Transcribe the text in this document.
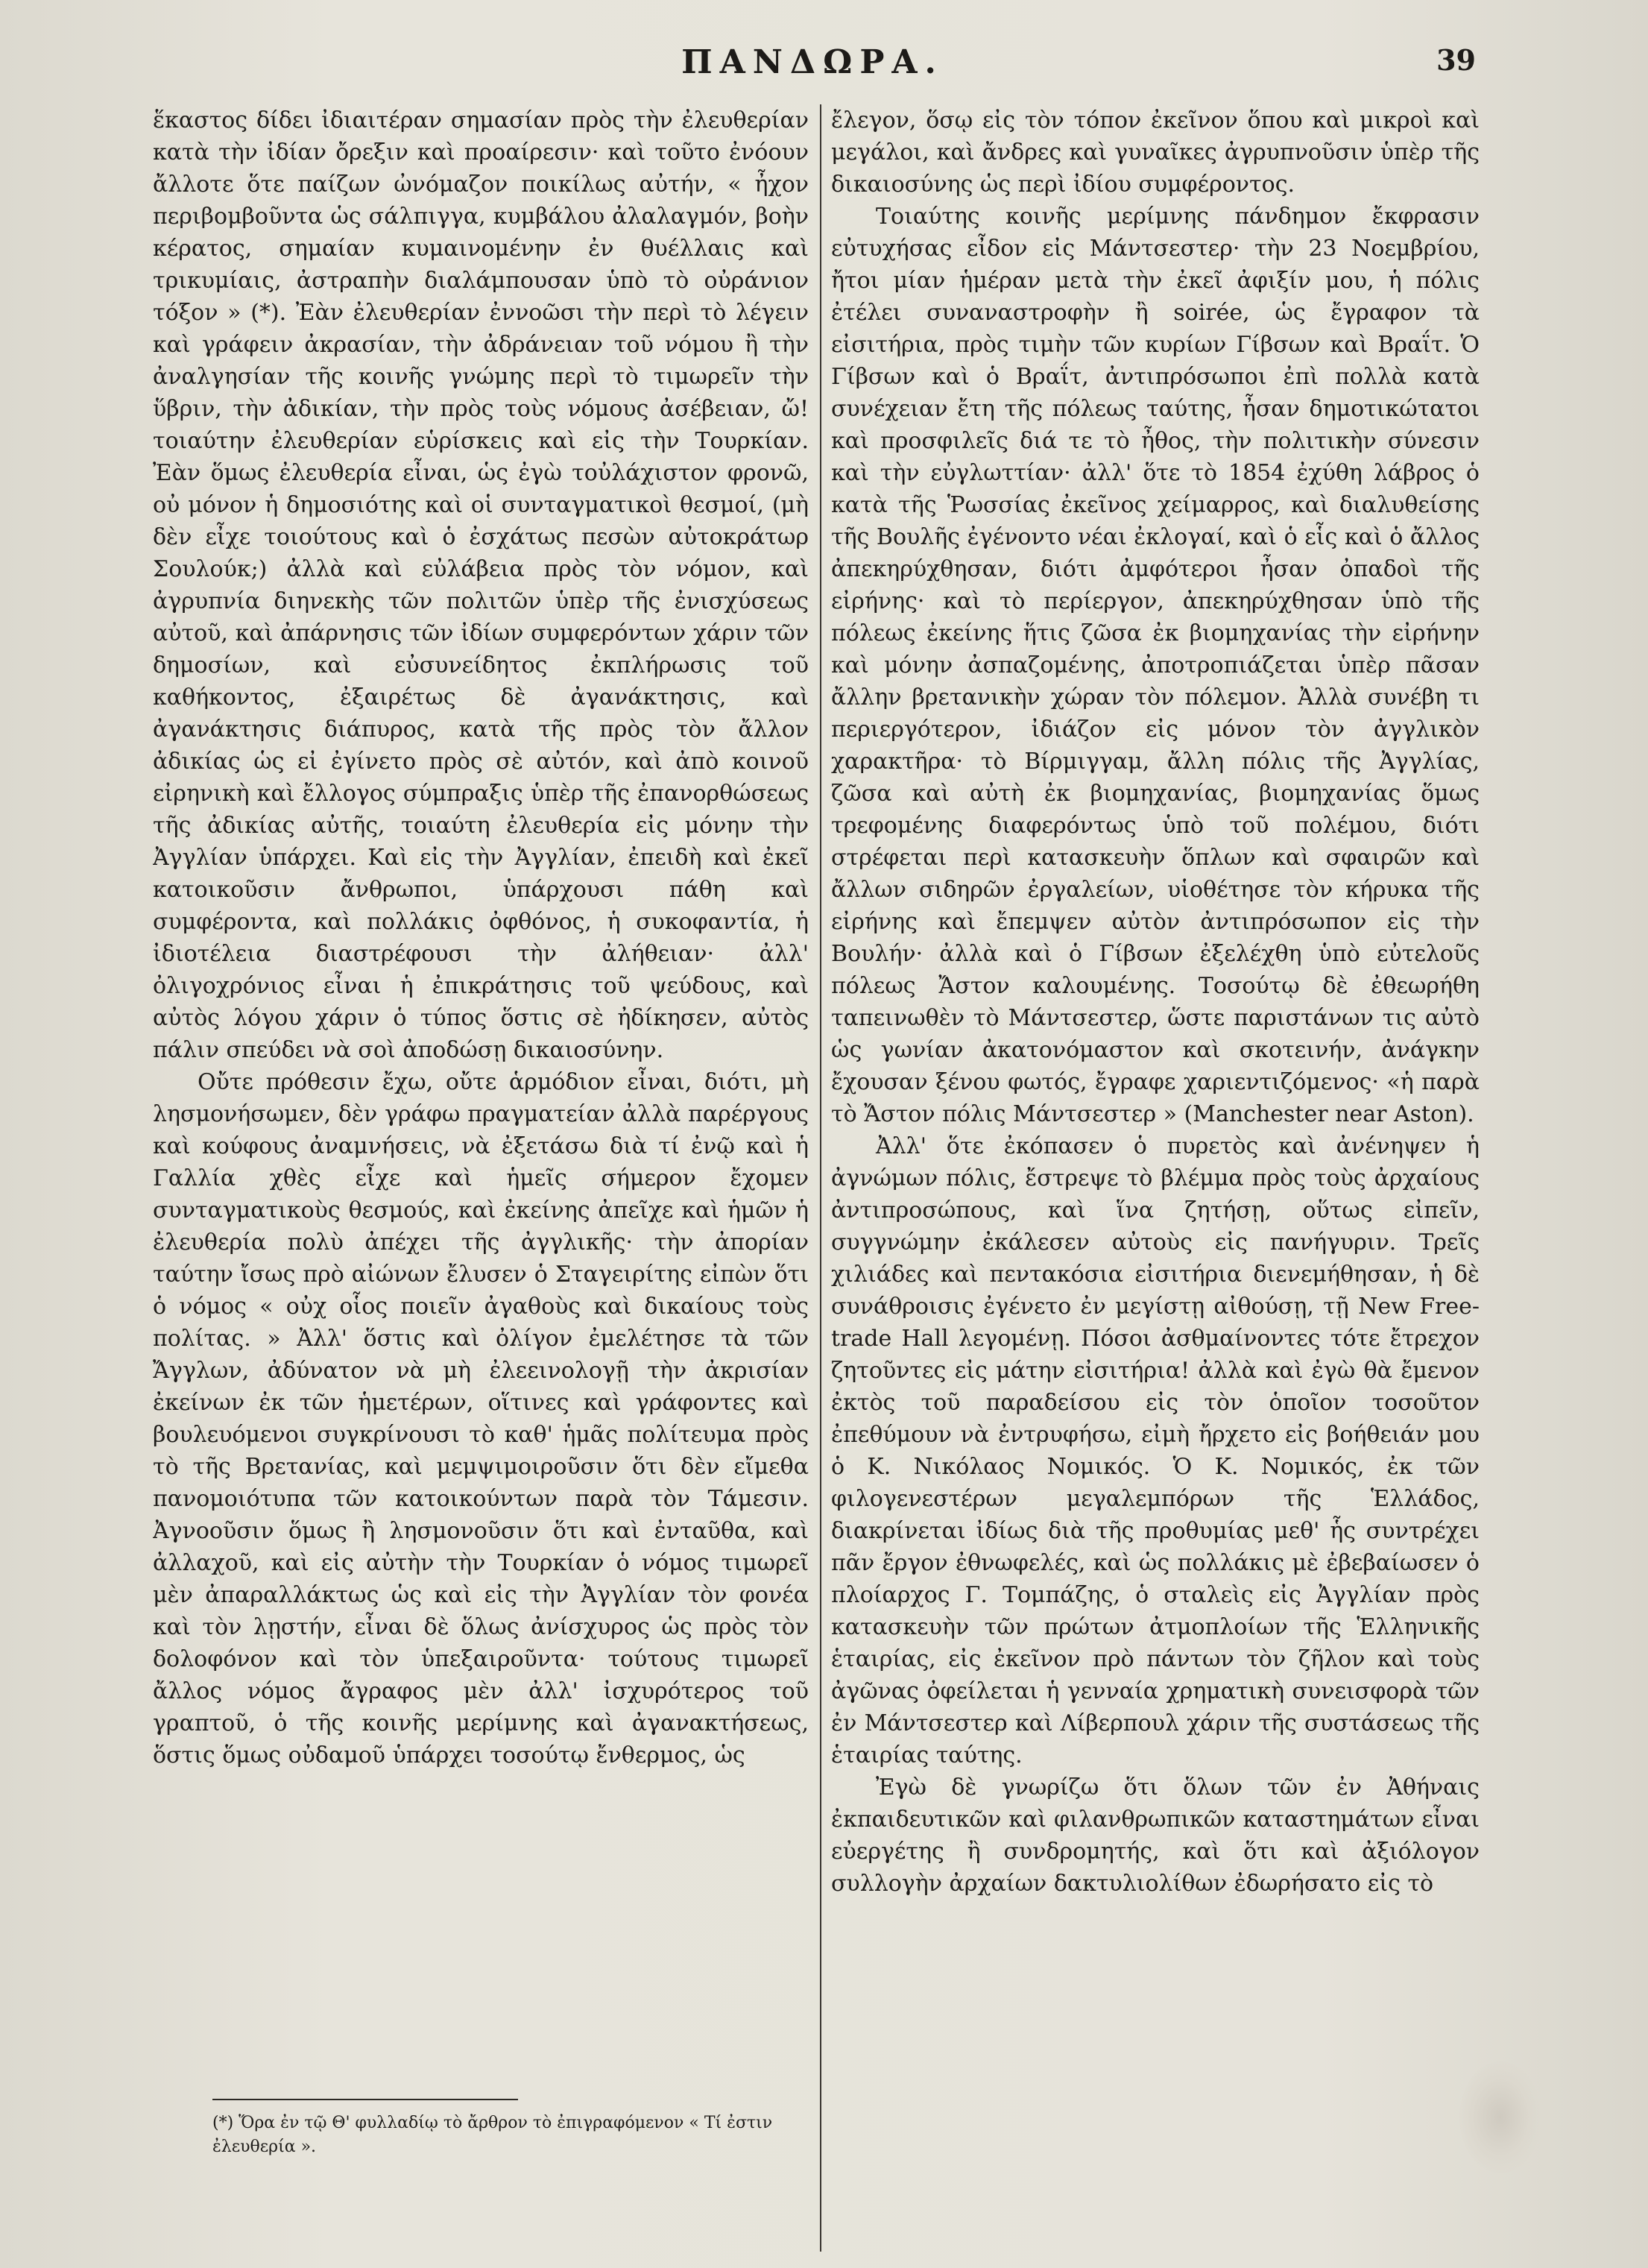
ΠΑΝΔΩΡΑ.	39

ἕκαστος δίδει ἰδιαιτέραν σημασίαν πρὸς τὴν ἐλευθερίαν κατὰ τὴν ἰδίαν ὄρεξιν καὶ προαίρεσιν· καὶ τοῦτο ἐνόουν ἄλλοτε ὅτε παίζων ὠνόμαζον ποικίλως αὐτήν, « ἦχον περιβομβοῦντα ὡς σάλπιγγα, κυμβάλου ἀλαλαγμόν, βοὴν κέρατος, σημαίαν κυμαινομένην ἐν θυέλλαις καὶ τρικυμίαις, ἀστραπὴν διαλάμπουσαν ὑπὸ τὸ οὐράνιον τόξον » (*). Ἐὰν ἐλευθερίαν ἐννοῶσι τὴν περὶ τὸ λέγειν καὶ γράφειν ἀκρασίαν, τὴν ἀδράνειαν τοῦ νόμου ἢ τὴν ἀναλγησίαν τῆς κοινῆς γνώμης περὶ τὸ τιμωρεῖν τὴν ὕβριν, τὴν ἀδικίαν, τὴν πρὸς τοὺς νόμους ἀσέβειαν, ὤ! τοιαύτην ἐλευθερίαν εὑρίσκεις καὶ εἰς τὴν Τουρκίαν. Ἐὰν ὅμως ἐλευθερία εἶναι, ὡς ἐγὼ τοὐλάχιστον φρονῶ, οὐ μόνον ἡ δημοσιότης καὶ οἱ συνταγματικοὶ θεσμοί, (μὴ δὲν εἶχε τοιούτους καὶ ὁ ἐσχάτως πεσὼν αὐτοκράτωρ Σουλούκ;) ἀλλὰ καὶ εὐλάβεια πρὸς τὸν νόμον, καὶ ἀγρυπνία διηνεκὴς τῶν πολιτῶν ὑπὲρ τῆς ἐνισχύσεως αὐτοῦ, καὶ ἀπάρνησις τῶν ἰδίων συμφερόντων χάριν τῶν δημοσίων, καὶ εὐσυνείδητος ἐκπλήρωσις τοῦ καθήκοντος, ἐξαιρέτως δὲ ἀγανάκτησις, καὶ ἀγανάκτησις διάπυρος, κατὰ τῆς πρὸς τὸν ἄλλον ἀδικίας ὡς εἰ ἐγίνετο πρὸς σὲ αὐτόν, καὶ ἀπὸ κοινοῦ εἰρηνικὴ καὶ ἔλλογος σύμπραξις ὑπὲρ τῆς ἐπανορθώσεως τῆς ἀδικίας αὐτῆς, τοιαύτη ἐλευθερία εἰς μόνην τὴν Ἀγγλίαν ὑπάρχει. Καὶ εἰς τὴν Ἀγγλίαν, ἐπειδὴ καὶ ἐκεῖ κατοικοῦσιν ἄνθρωποι, ὑπάρχουσι πάθη καὶ συμφέροντα, καὶ πολλάκις ὀφθόνος, ἡ συκοφαντία, ἡ ἰδιοτέλεια διαστρέφουσι τὴν ἀλήθειαν· ἀλλ' ὀλιγοχρόνιος εἶναι ἡ ἐπικράτησις τοῦ ψεύδους, καὶ αὐτὸς λόγου χάριν ὁ τύπος ὅστις σὲ ἠδίκησεν, αὐτὸς πάλιν σπεύδει νὰ σοὶ ἀποδώσῃ δικαιοσύνην.

Οὔτε πρόθεσιν ἔχω, οὔτε ἁρμόδιον εἶναι, διότι, μὴ λησμονήσωμεν, δὲν γράφω πραγματείαν ἀλλὰ παρέργους καὶ κούφους ἀναμνήσεις, νὰ ἐξετάσω διὰ τί ἐνῷ καὶ ἡ Γαλλία χθὲς εἶχε καὶ ἡμεῖς σήμερον ἔχομεν συνταγματικοὺς θεσμούς, καὶ ἐκείνης ἀπεῖχε καὶ ἡμῶν ἡ ἐλευθερία πολὺ ἀπέχει τῆς ἀγγλικῆς· τὴν ἀπορίαν ταύτην ἴσως πρὸ αἰώνων ἔλυσεν ὁ Σταγειρίτης εἰπὼν ὅτι ὁ νόμος « οὐχ οἷος ποιεῖν ἀγαθοὺς καὶ δικαίους τοὺς πολίτας. » Ἀλλ' ὅστις καὶ ὀλίγον ἐμελέτησε τὰ τῶν Ἄγγλων, ἀδύνατον νὰ μὴ ἐλεεινολογῇ τὴν ἀκρισίαν ἐκείνων ἐκ τῶν ἡμετέρων, οἵτινες καὶ γράφοντες καὶ βουλευόμενοι συγκρίνουσι τὸ καθ' ἡμᾶς πολίτευμα πρὸς τὸ τῆς Βρετανίας, καὶ μεμψιμοιροῦσιν ὅτι δὲν εἴμεθα πανομοιότυπα τῶν κατοικούντων παρὰ τὸν Τάμεσιν. Ἀγνοοῦσιν ὅμως ἢ λησμονοῦσιν ὅτι καὶ ἐνταῦθα, καὶ ἀλλαχοῦ, καὶ εἰς αὐτὴν τὴν Τουρκίαν ὁ νόμος τιμωρεῖ μὲν ἀπαραλλάκτως ὡς καὶ εἰς τὴν Ἀγγλίαν τὸν φονέα καὶ τὸν λῃστήν, εἶναι δὲ ὅλως ἀνίσχυρος ὡς πρὸς τὸν δολοφόνον καὶ τὸν ὑπεξαιροῦντα· τούτους τιμωρεῖ ἄλλος νόμος ἄγραφος μὲν ἀλλ' ἰσχυρότερος τοῦ γραπτοῦ, ὁ τῆς κοινῆς μερίμνης καὶ ἀγανακτήσεως, ὅστις ὅμως οὐδαμοῦ ὑπάρχει τοσούτῳ ἔνθερμος, ὡς

ἔλεγον, ὅσῳ εἰς τὸν τόπον ἐκεῖνον ὅπου καὶ μικροὶ καὶ μεγάλοι, καὶ ἄνδρες καὶ γυναῖκες ἀγρυπνοῦσιν ὑπὲρ τῆς δικαιοσύνης ὡς περὶ ἰδίου συμφέροντος.

Τοιαύτης κοινῆς μερίμνης πάνδημον ἔκφρασιν εὐτυχήσας εἶδον εἰς Μάντσεστερ· τὴν 23 Νοεμβρίου, ἤτοι μίαν ἡμέραν μετὰ τὴν ἐκεῖ ἀφιξίν μου, ἡ πόλις ἐτέλει συναναστροφὴν ἢ soirée, ὡς ἔγραφον τὰ εἰσιτήρια, πρὸς τιμὴν τῶν κυρίων Γίβσων καὶ Βραΐτ. Ὁ Γίβσων καὶ ὁ Βραΐτ, ἀντιπρόσωποι ἐπὶ πολλὰ κατὰ συνέχειαν ἔτη τῆς πόλεως ταύτης, ἦσαν δημοτικώτατοι καὶ προσφιλεῖς διά τε τὸ ἦθος, τὴν πολιτικὴν σύνεσιν καὶ τὴν εὐγλωττίαν· ἀλλ' ὅτε τὸ 1854 ἐχύθη λάβρος ὁ κατὰ τῆς Ῥωσσίας ἐκεῖνος χείμαρρος, καὶ διαλυθείσης τῆς Βουλῆς ἐγένοντο νέαι ἐκλογαί, καὶ ὁ εἷς καὶ ὁ ἄλλος ἀπεκηρύχθησαν, διότι ἀμφότεροι ἦσαν ὀπαδοὶ τῆς εἰρήνης· καὶ τὸ περίεργον, ἀπεκηρύχθησαν ὑπὸ τῆς πόλεως ἐκείνης ἥτις ζῶσα ἐκ βιομηχανίας τὴν εἰρήνην καὶ μόνην ἀσπαζομένης, ἀποτροπιάζεται ὑπὲρ πᾶσαν ἄλλην βρετανικὴν χώραν τὸν πόλεμον. Ἀλλὰ συνέβη τι περιεργότερον, ἰδιάζον εἰς μόνον τὸν ἀγγλικὸν χαρακτῆρα· τὸ Βίρμιγγαμ, ἄλλη πόλις τῆς Ἀγγλίας, ζῶσα καὶ αὐτὴ ἐκ βιομηχανίας, βιομηχανίας ὅμως τρεφομένης διαφερόντως ὑπὸ τοῦ πολέμου, διότι στρέφεται περὶ κατασκευὴν ὅπλων καὶ σφαιρῶν καὶ ἄλλων σιδηρῶν ἐργαλείων, υἱοθέτησε τὸν κήρυκα τῆς εἰρήνης καὶ ἔπεμψεν αὐτὸν ἀντιπρόσωπον εἰς τὴν Βουλήν· ἀλλὰ καὶ ὁ Γίβσων ἐξελέχθη ὑπὸ εὐτελοῦς πόλεως Ἄστον καλουμένης. Τοσούτῳ δὲ ἐθεωρήθη ταπεινωθὲν τὸ Μάντσεστερ, ὥστε παριστάνων τις αὐτὸ ὡς γωνίαν ἀκατονόμαστον καὶ σκοτεινήν, ἀνάγκην ἔχουσαν ξένου φωτός, ἔγραφε χαριεντιζόμενος· «ἡ παρὰ τὸ Ἄστον πόλις Μάντσεστερ » (Manchester near Aston).

Ἀλλ' ὅτε ἐκόπασεν ὁ πυρετὸς καὶ ἀνένηψεν ἡ ἀγνώμων πόλις, ἔστρεψε τὸ βλέμμα πρὸς τοὺς ἀρχαίους ἀντιπροσώπους, καὶ ἵνα ζητήσῃ, οὕτως εἰπεῖν, συγγνώμην ἐκάλεσεν αὐτοὺς εἰς πανήγυριν. Τρεῖς χιλιάδες καὶ πεντακόσια εἰσιτήρια διενεμήθησαν, ἡ δὲ συνάθροισις ἐγένετο ἐν μεγίστῃ αἰθούσῃ, τῇ New Free-trade Hall λεγομένῃ. Πόσοι ἀσθμαίνοντες τότε ἔτρεχον ζητοῦντες εἰς μάτην εἰσιτήρια! ἀλλὰ καὶ ἐγὼ θὰ ἔμενον ἐκτὸς τοῦ παραδείσου εἰς τὸν ὁποῖον τοσοῦτον ἐπεθύμουν νὰ ἐντρυφήσω, εἰμὴ ἤρχετο εἰς βοήθειάν μου ὁ Κ. Νικόλαος Νομικός. Ὁ Κ. Νομικός, ἐκ τῶν φιλογενεστέρων μεγαλεμπόρων τῆς Ἑλλάδος, διακρίνεται ἰδίως διὰ τῆς προθυμίας μεθ' ἧς συντρέχει πᾶν ἔργον ἐθνωφελές, καὶ ὡς πολλάκις μὲ ἐβεβαίωσεν ὁ πλοίαρχος Γ. Τομπάζης, ὁ σταλεὶς εἰς Ἀγγλίαν πρὸς κατασκευὴν τῶν πρώτων ἀτμοπλοίων τῆς Ἑλληνικῆς ἑταιρίας, εἰς ἐκεῖνον πρὸ πάντων τὸν ζῆλον καὶ τοὺς ἀγῶνας ὀφείλεται ἡ γενναία χρηματικὴ συνεισφορὰ τῶν ἐν Μάντσεστερ καὶ Λίβερπουλ χάριν τῆς συστάσεως τῆς ἑταιρίας ταύτης.

Ἐγὼ δὲ γνωρίζω ὅτι ὅλων τῶν ἐν Ἀθήναις ἐκπαιδευτικῶν καὶ φιλανθρωπικῶν καταστημάτων εἶναι εὐεργέτης ἢ συνδρομητής, καὶ ὅτι καὶ ἀξιόλογον συλλογὴν ἀρχαίων δακτυλιολίθων ἐδωρήσατο εἰς τὸ

(*) Ὅρα ἐν τῷ Θ' φυλλαδίῳ τὸ ἄρθρον τὸ ἐπιγραφόμενον « Τί ἐστιν ἐλευθερία ».
